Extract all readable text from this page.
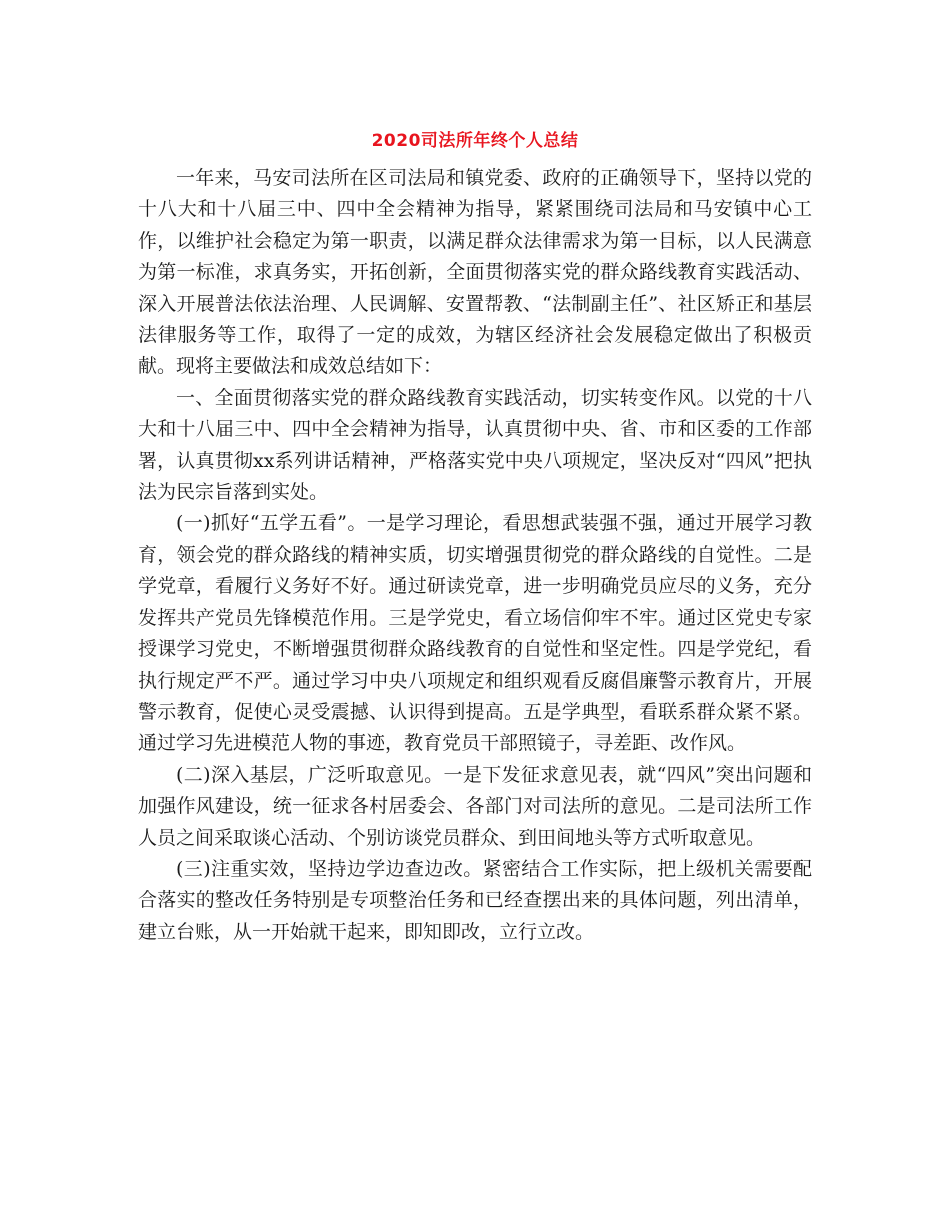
2020司法所年终个人总结

一年来，马安司法所在区司法局和镇党委、政府的正确领导下，坚持以党的十八大和十八届三中、四中全会精神为指导，紧紧围绕司法局和马安镇中心工作，以维护社会稳定为第一职责，以满足群众法律需求为第一目标，以人民满意为第一标准，求真务实，开拓创新，全面贯彻落实党的群众路线教育实践活动、深入开展普法依法治理、人民调解、安置帮教、“法制副主任”、社区矫正和基层法律服务等工作，取得了一定的成效，为辖区经济社会发展稳定做出了积极贡献。现将主要做法和成效总结如下：

一、全面贯彻落实党的群众路线教育实践活动，切实转变作风。以党的十八大和十八届三中、四中全会精神为指导，认真贯彻中央、省、市和区委的工作部署，认真贯彻xx系列讲话精神，严格落实党中央八项规定，坚决反对“四风”把执法为民宗旨落到实处。

(一)抓好“五学五看”。一是学习理论，看思想武装强不强，通过开展学习教育，领会党的群众路线的精神实质，切实增强贯彻党的群众路线的自觉性。二是学党章，看履行义务好不好。通过研读党章，进一步明确党员应尽的义务，充分发挥共产党员先锋模范作用。三是学党史，看立场信仰牢不牢。通过区党史专家授课学习党史，不断增强贯彻群众路线教育的自觉性和坚定性。四是学党纪，看执行规定严不严。通过学习中央八项规定和组织观看反腐倡廉警示教育片，开展警示教育，促使心灵受震撼、认识得到提高。五是学典型，看联系群众紧不紧。通过学习先进模范人物的事迹，教育党员干部照镜子，寻差距、改作风。

(二)深入基层，广泛听取意见。一是下发征求意见表，就“四风”突出问题和加强作风建设，统一征求各村居委会、各部门对司法所的意见。二是司法所工作人员之间采取谈心活动、个别访谈党员群众、到田间地头等方式听取意见。

(三)注重实效，坚持边学边查边改。紧密结合工作实际，把上级机关需要配合落实的整改任务特别是专项整治任务和已经查摆出来的具体问题，列出清单，建立台账，从一开始就干起来，即知即改，立行立改。
